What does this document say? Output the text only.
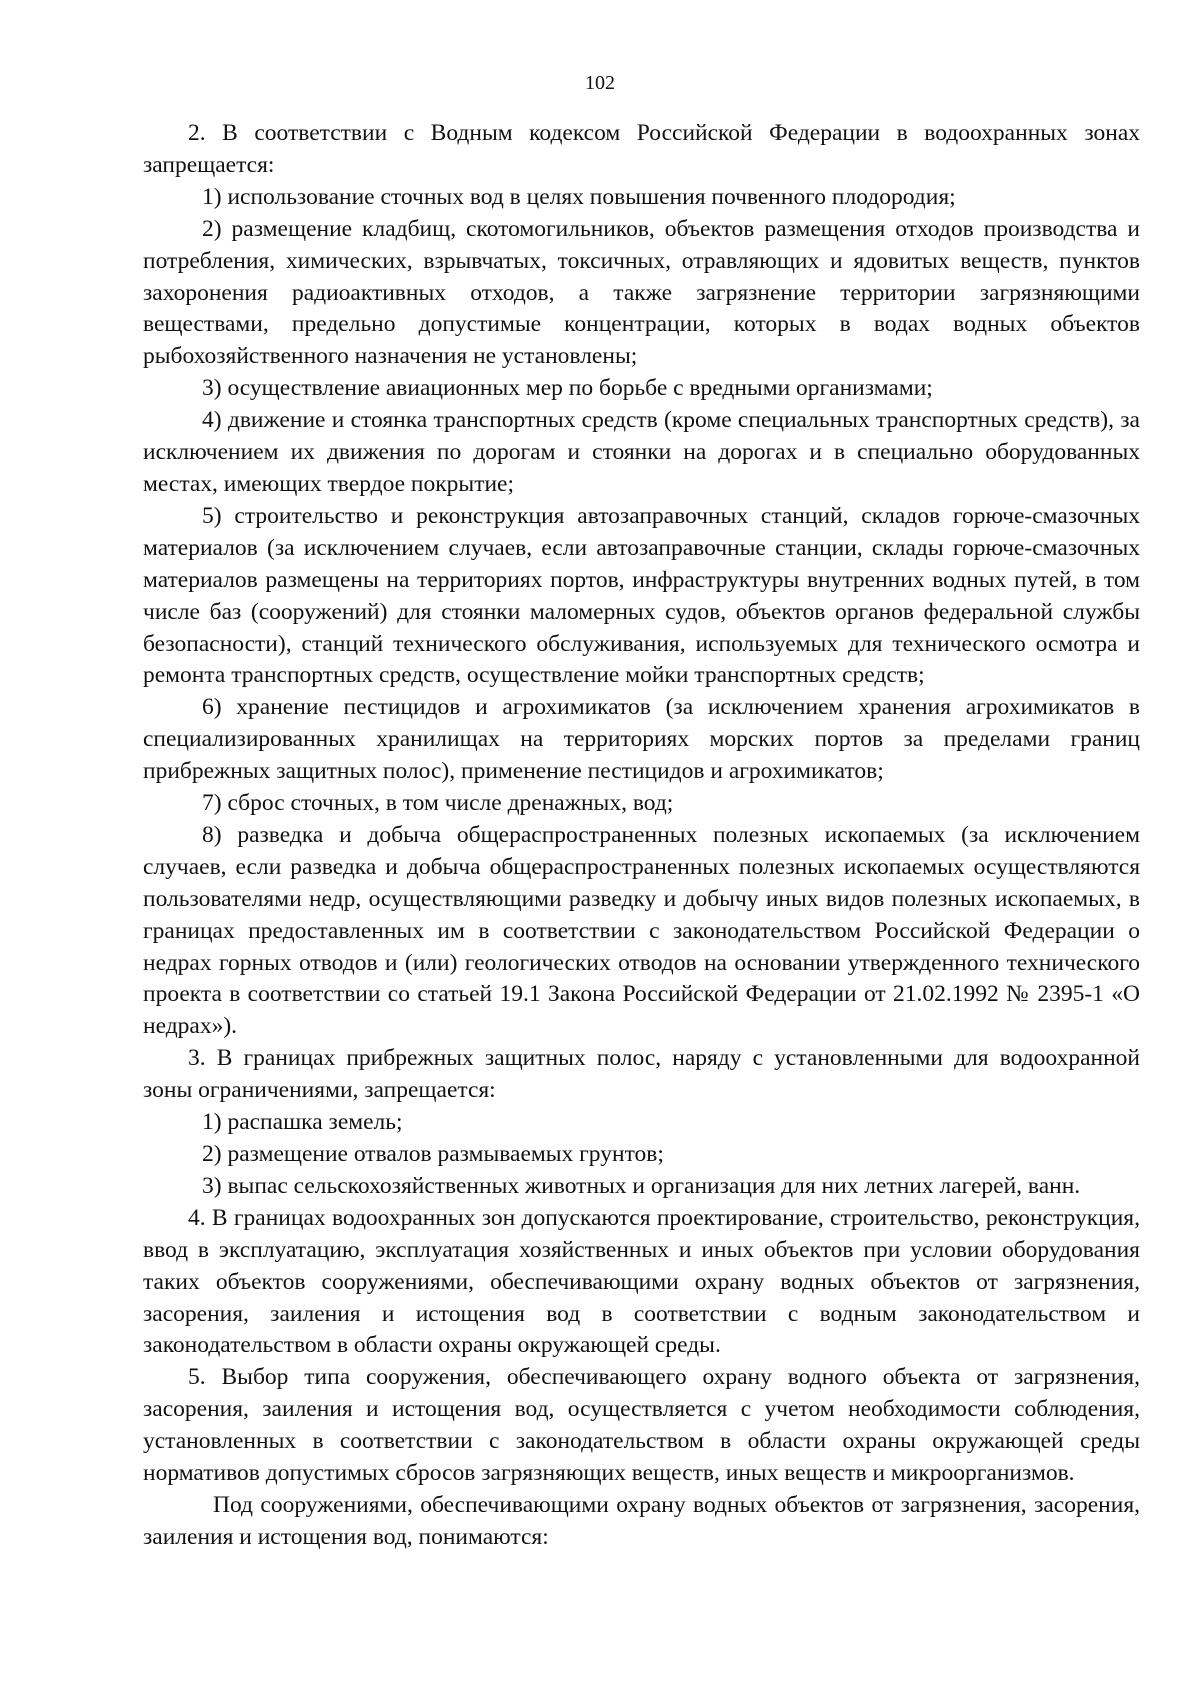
102

2. В соответствии с Водным кодексом Российской Федерации в водоохранных зонах запрещается:

1) использование сточных вод в целях повышения почвенного плодородия;

2) размещение кладбищ, скотомогильников, объектов размещения отходов производства и потребления, химических, взрывчатых, токсичных, отравляющих и ядовитых веществ, пунктов захоронения радиоактивных отходов, а также загрязнение территории загрязняющими веществами, предельно допустимые концентрации, которых в водах водных объектов рыбохозяйственного назначения не установлены;

3) осуществление авиационных мер по борьбе с вредными организмами;

4) движение и стоянка транспортных средств (кроме специальных транспортных средств), за исключением их движения по дорогам и стоянки на дорогах и в специально оборудованных местах, имеющих твердое покрытие;

5) строительство и реконструкция автозаправочных станций, складов горюче-смазочных материалов (за исключением случаев, если автозаправочные станции, склады горюче-смазочных материалов размещены на территориях портов, инфраструктуры внутренних водных путей, в том числе баз (сооружений) для стоянки маломерных судов, объектов органов федеральной службы безопасности), станций технического обслуживания, используемых для технического осмотра и ремонта транспортных средств, осуществление мойки транспортных средств;

6) хранение пестицидов и агрохимикатов (за исключением хранения агрохимикатов в специализированных хранилищах на территориях морских портов за пределами границ прибрежных защитных полос), применение пестицидов и агрохимикатов;

7) сброс сточных, в том числе дренажных, вод;

8) разведка и добыча общераспространенных полезных ископаемых (за исключением случаев, если разведка и добыча общераспространенных полезных ископаемых осуществляются пользователями недр, осуществляющими разведку и добычу иных видов полезных ископаемых, в границах предоставленных им в соответствии с законодательством Российской Федерации о недрах горных отводов и (или) геологических отводов на основании утвержденного технического проекта в соответствии со статьей 19.1 Закона Российской Федерации от 21.02.1992 № 2395-1 «О недрах»).

3. В границах прибрежных защитных полос, наряду с установленными для водоохранной зоны ограничениями, запрещается:

1) распашка земель;

2) размещение отвалов размываемых грунтов;

3) выпас сельскохозяйственных животных и организация для них летних лагерей, ванн.

4. В границах водоохранных зон допускаются проектирование, строительство, реконструкция, ввод в эксплуатацию, эксплуатация хозяйственных и иных объектов при условии оборудования таких объектов сооружениями, обеспечивающими охрану водных объектов от загрязнения, засорения, заиления и истощения вод в соответствии с водным законодательством и законодательством в области охраны окружающей среды.

5. Выбор типа сооружения, обеспечивающего охрану водного объекта от загрязнения, засорения, заиления и истощения вод, осуществляется с учетом необходимости соблюдения, установленных в соответствии с законодательством в области охраны окружающей среды нормативов допустимых сбросов загрязняющих веществ, иных веществ и микроорганизмов.

Под сооружениями, обеспечивающими охрану водных объектов от загрязнения, засорения, заиления и истощения вод, понимаются:
